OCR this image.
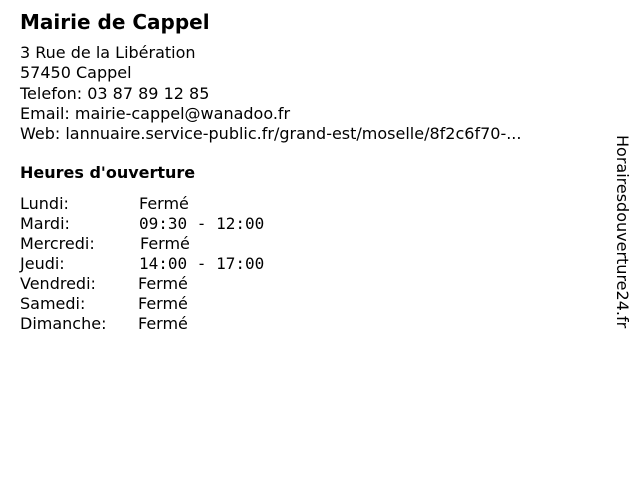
Mairie de Cappel
3 Rue de la Libération
57450 Cappel
Telefon: 03 87 89 12 85
Email: mairie-cappel@wanadoo.fr
Web: lannuaire.service-public.fr/grand-est/moselle/8f2c6f70-...
Heures d'ouverture
Lundi:	Fermé
Mardi:	09:30 - 12:00
Mercredi:	Fermé
Jeudi:	14:00 - 17:00
Vendredi:	Fermé
Samedi:	Fermé
Dimanche: Fermé	Horairesdouverture24.fr
